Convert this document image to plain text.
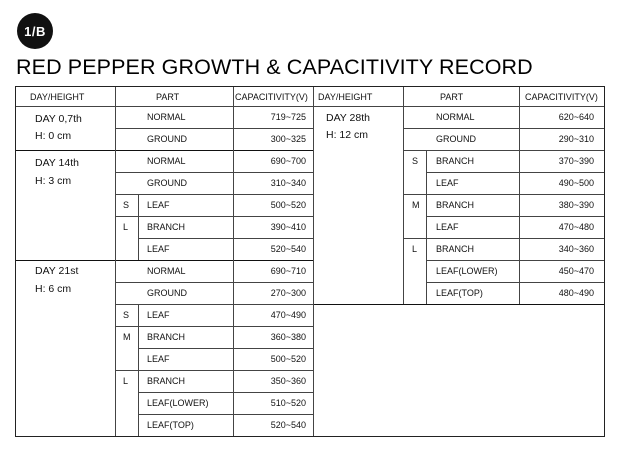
1/B
RED PEPPER GROWTH & CAPACITIVITY RECORD
DAY/HEIGHT	PART	CAPACITIVITY(V) DAY/HEIGHT	PART	CAPACITIVITY(V)
DAY 0,7th
H: 0 cm
NORMAL	719~725
GROUND	300~325
DAY 14th
H: 3 cm
NORMAL	690~700
GROUND	310~340
S LEAF	500~520
L BRANCH	390~410
LEAF	520~540
DAY 21st
H: 6 cm
NORMAL	690~710
GROUND	270~300
S LEAF	470~490
M BRANCH	360~380
LEAF	500~520
L BRANCH	350~360
LEAF(LOWER)	510~520
LEAF(TOP)	520~540
DAY 28th
H: 12 cm
NORMAL	620~640
GROUND	290~310
S BRANCH	370~390
LEAF	490~500
M BRANCH	380~390
LEAF	470~480
L BRANCH	340~360
LEAF(LOWER)	450~470
LEAF(TOP)	480~490
